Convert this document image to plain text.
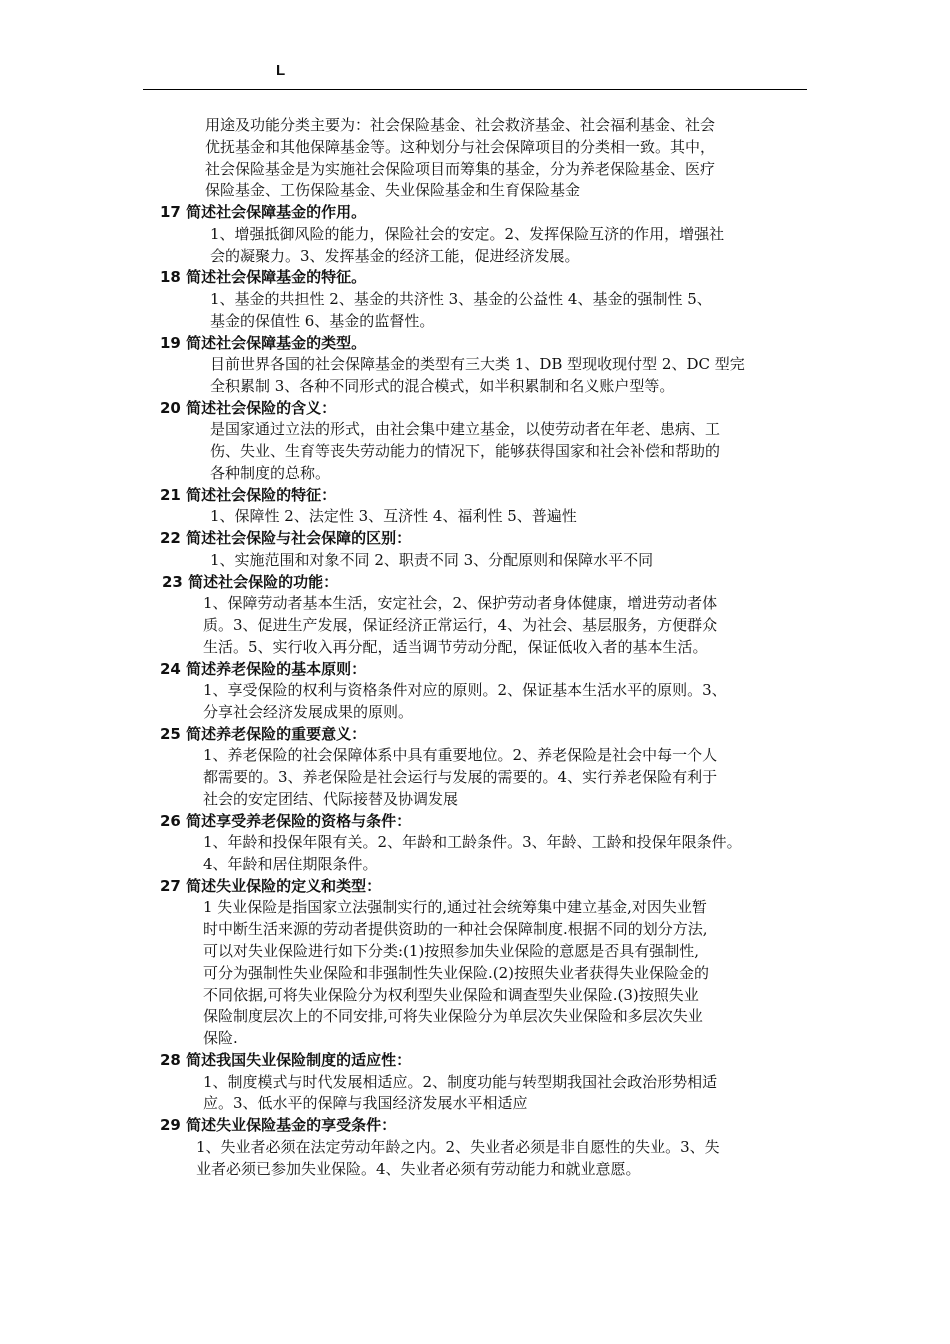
L
用途及功能分类主要为：社会保险基金、社会救济基金、社会福利基金、社会
优抚基金和其他保障基金等。这种划分与社会保障项目的分类相一致。其中，
社会保险基金是为实施社会保险项目而筹集的基金，分为养老保险基金、医疗
保险基金、工伤保险基金、失业保险基金和生育保险基金
17 简述社会保障基金的作用。
1、增强抵御风险的能力，保险社会的安定。2、发挥保险互济的作用，增强社
会的凝聚力。3、发挥基金的经济工能，促进经济发展。
18 简述社会保障基金的特征。
1、基金的共担性 2、基金的共济性 3、基金的公益性 4、基金的强制性 5、
基金的保值性 6、基金的监督性。
19 简述社会保障基金的类型。
目前世界各国的社会保障基金的类型有三大类 1、DB 型现收现付型 2、DC 型完
全积累制 3、各种不同形式的混合模式，如半积累制和名义账户型等。
20 简述社会保险的含义：
是国家通过立法的形式，由社会集中建立基金，以使劳动者在年老、患病、工
伤、失业、生育等丧失劳动能力的情况下，能够获得国家和社会补偿和帮助的
各种制度的总称。
21 简述社会保险的特征：
1、保障性 2、法定性 3、互济性 4、福利性 5、普遍性
22 简述社会保险与社会保障的区别：
1、实施范围和对象不同 2、职责不同 3、分配原则和保障水平不同
23 简述社会保险的功能：
1、保障劳动者基本生活，安定社会，2、保护劳动者身体健康，增进劳动者体
质。3、促进生产发展，保证经济正常运行，4、为社会、基层服务，方便群众
生活。5、实行收入再分配，适当调节劳动分配，保证低收入者的基本生活。
24 简述养老保险的基本原则：
1、享受保险的权利与资格条件对应的原则。2、保证基本生活水平的原则。3、
分享社会经济发展成果的原则。
25 简述养老保险的重要意义：
1、养老保险的社会保障体系中具有重要地位。2、养老保险是社会中每一个人
都需要的。3、养老保险是社会运行与发展的需要的。4、实行养老保险有利于
社会的安定团结、代际接替及协调发展
26 简述享受养老保险的资格与条件：
1、年龄和投保年限有关。2、年龄和工龄条件。3、年龄、工龄和投保年限条件。
4、年龄和居住期限条件。
27 简述失业保险的定义和类型：
1 失业保险是指国家立法强制实行的,通过社会统筹集中建立基金,对因失业暂
时中断生活来源的劳动者提供资助的一种社会保障制度.根据不同的划分方法,
可以对失业保险进行如下分类:(1)按照参加失业保险的意愿是否具有强制性,
可分为强制性失业保险和非强制性失业保险.(2)按照失业者获得失业保险金的
不同依据,可将失业保险分为权利型失业保险和调查型失业保险.(3)按照失业
保险制度层次上的不同安排,可将失业保险分为单层次失业保险和多层次失业
保险.
28 简述我国失业保险制度的适应性：
1、制度模式与时代发展相适应。2、制度功能与转型期我国社会政治形势相适
应。3、低水平的保障与我国经济发展水平相适应
29 简述失业保险基金的享受条件：
1、失业者必须在法定劳动年龄之内。2、失业者必须是非自愿性的失业。3、失
业者必须已参加失业保险。4、失业者必须有劳动能力和就业意愿。
